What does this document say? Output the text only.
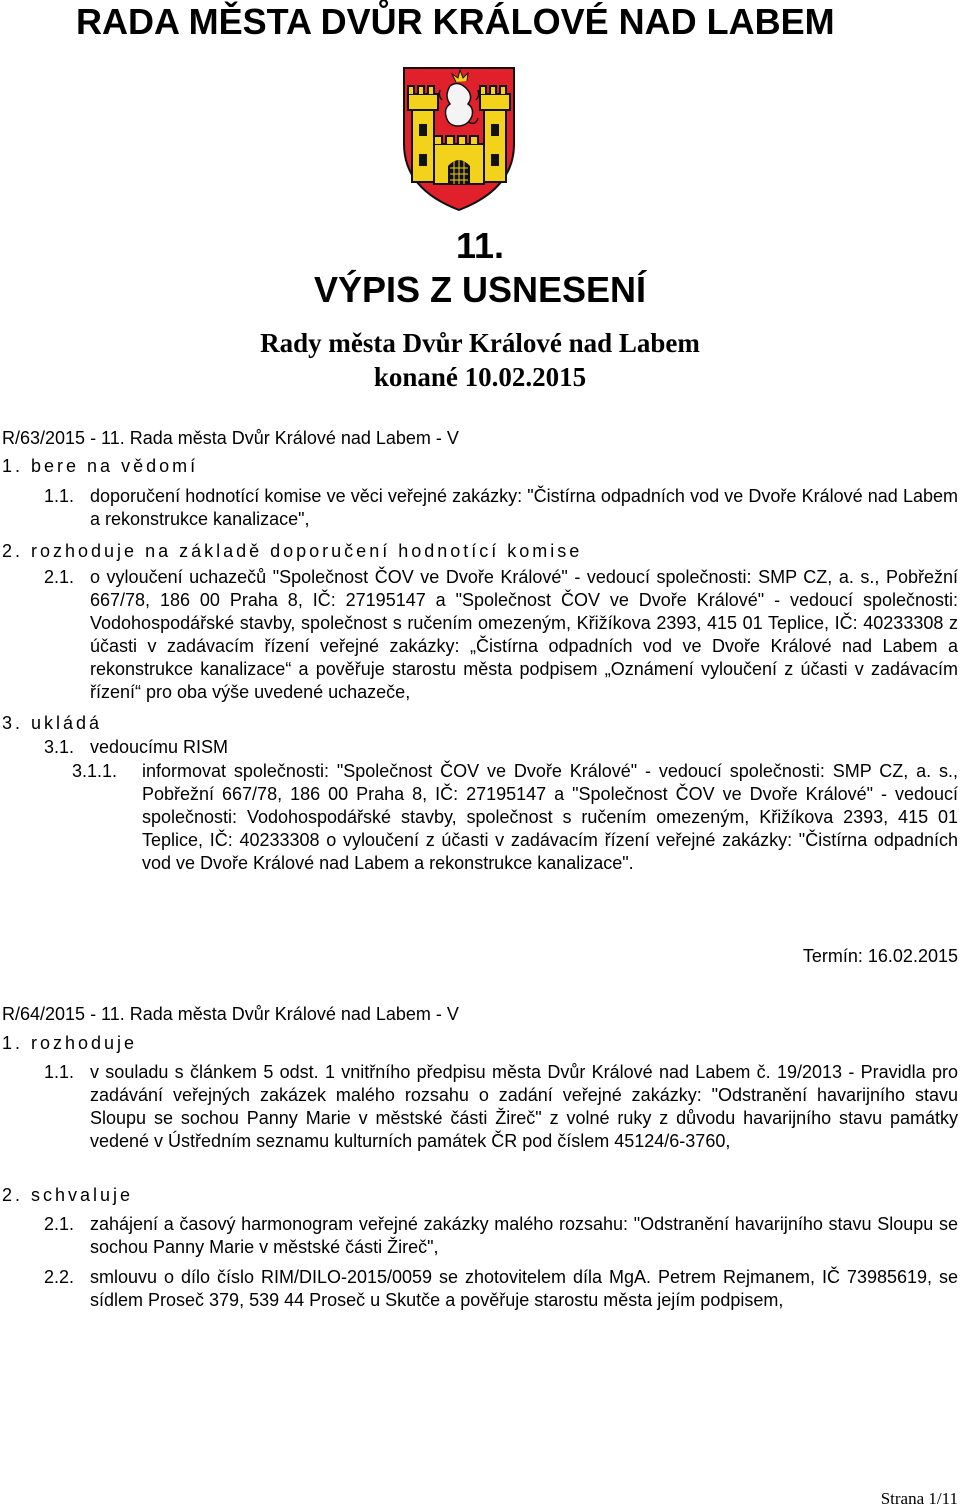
RADA MĚSTA DVŮR KRÁLOVÉ NAD LABEM
11.
VÝPIS Z USNESENÍ
Rady města Dvůr Králové nad Labem
konané 10.02.2015
R/63/2015 - 11. Rada města Dvůr Králové nad Labem - V
1. bere na vědomí
1.1. doporučení hodnotící komise ve věci veřejné zakázky: "Čistírna odpadních vod ve Dvoře Králové nad Labem a rekonstrukce kanalizace",
2. rozhoduje na základě doporučení hodnotící komise
2.1. o vyloučení uchazečů "Společnost ČOV ve Dvoře Králové" - vedoucí společnosti: SMP CZ, a. s., Pobřežní 667/78, 186 00 Praha 8, IČ: 27195147 a "Společnost ČOV ve Dvoře Králové" - vedoucí společnosti: Vodohospodářské stavby, společnost s ručením omezeným, Křižíkova 2393, 415 01 Teplice, IČ: 40233308 z účasti v zadávacím řízení veřejné zakázky: „Čistírna odpadních vod ve Dvoře Králové nad Labem a rekonstrukce kanalizace“ a pověřuje starostu města podpisem „Oznámení vyloučení z účasti v zadávacím řízení“ pro oba výše uvedené uchazeče,
3. ukládá
3.1. vedoucímu RISM
3.1.1. informovat společnosti: "Společnost ČOV ve Dvoře Králové" - vedoucí společnosti: SMP CZ, a. s., Pobřežní 667/78, 186 00 Praha 8, IČ: 27195147 a "Společnost ČOV ve Dvoře Králové" - vedoucí společnosti: Vodohospodářské stavby, společnost s ručením omezeným, Křižíkova 2393, 415 01 Teplice, IČ: 40233308 o vyloučení z účasti v zadávacím řízení veřejné zakázky: "Čistírna odpadních vod ve Dvoře Králové nad Labem a rekonstrukce kanalizace".
Termín: 16.02.2015
R/64/2015 - 11. Rada města Dvůr Králové nad Labem - V
1. rozhoduje
1.1. v souladu s článkem 5 odst. 1 vnitřního předpisu města Dvůr Králové nad Labem č. 19/2013 - Pravidla pro zadávání veřejných zakázek malého rozsahu o zadání veřejné zakázky: "Odstranění havarijního stavu Sloupu se sochou Panny Marie v městské části Žireč" z volné ruky z důvodu havarijního stavu památky vedené v Ústředním seznamu kulturních památek ČR pod číslem 45124/6-3760,
2. schvaluje
2.1. zahájení a časový harmonogram veřejné zakázky malého rozsahu: "Odstranění havarijního stavu Sloupu se sochou Panny Marie v městské části Žireč",
2.2. smlouvu o dílo číslo RIM/DILO-2015/0059 se zhotovitelem díla MgA. Petrem Rejmanem, IČ 73985619, se sídlem Proseč 379, 539 44 Proseč u Skutče a pověřuje starostu města jejím podpisem,
Strana 1/11
